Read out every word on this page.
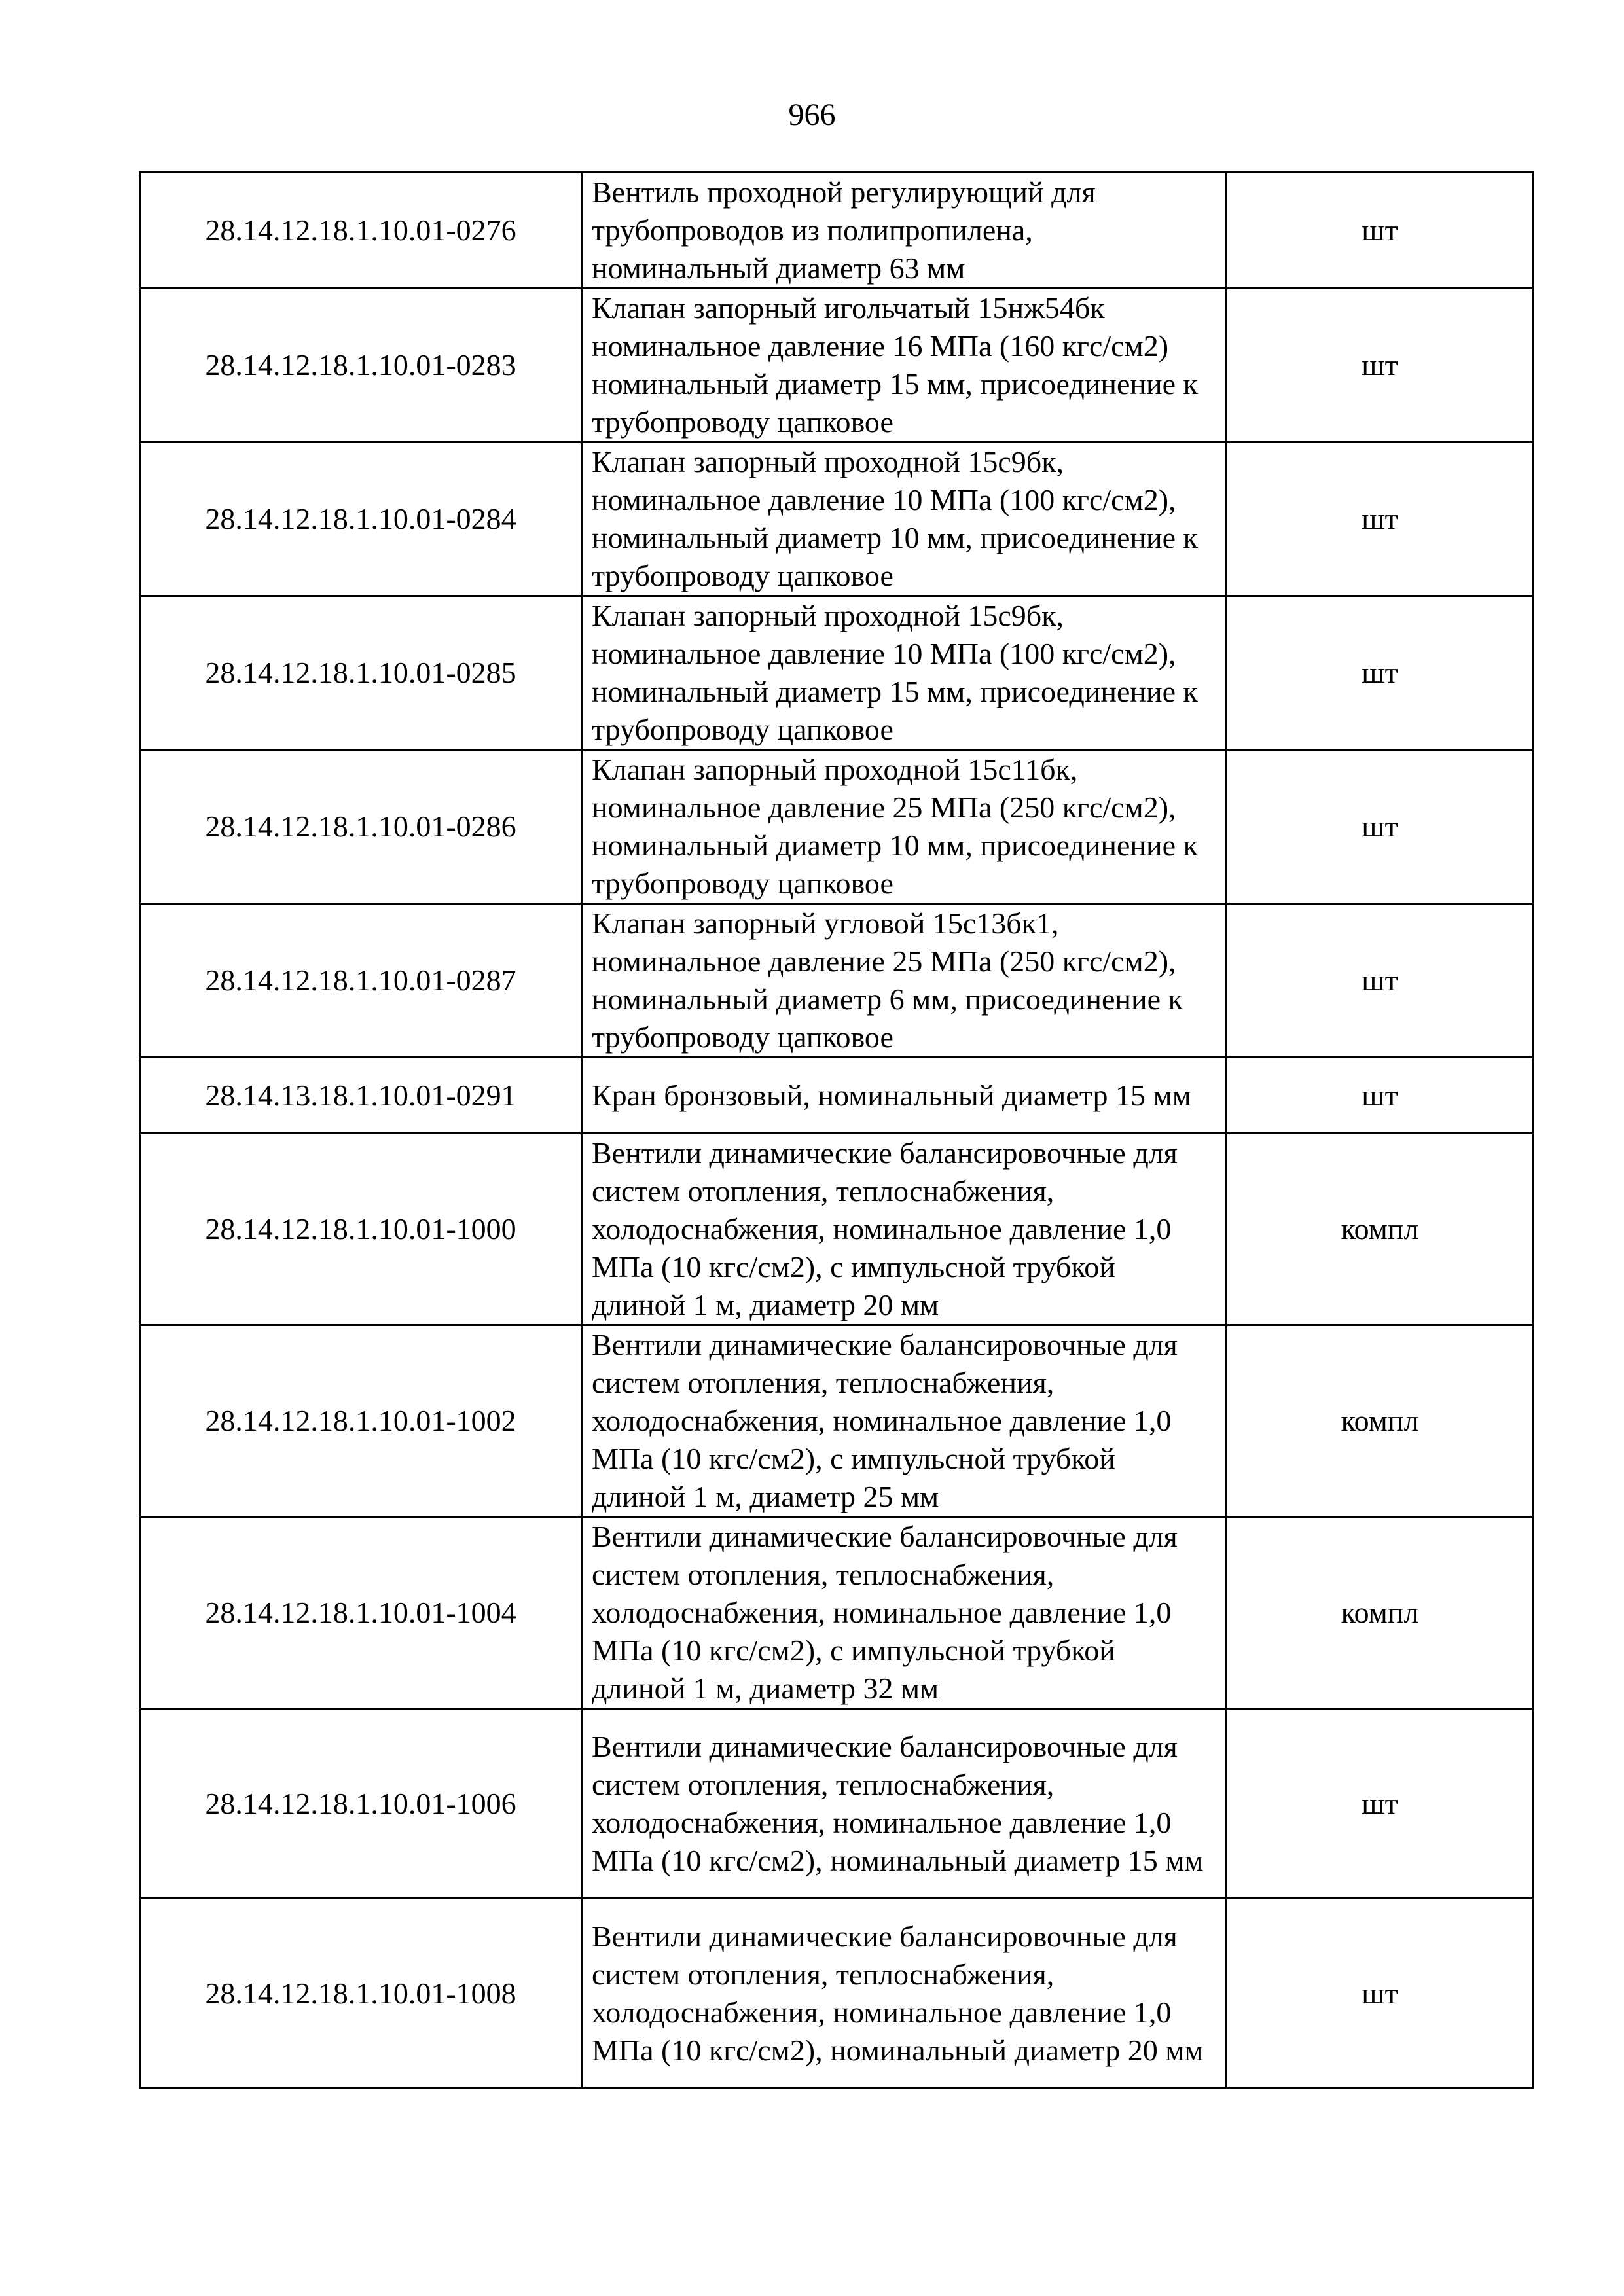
966
28.14.12.18.1.10.01-0276	Вентиль проходной регулирующий для трубопроводов из полипропилена, номинальный диаметр 63 мм	шт
28.14.12.18.1.10.01-0283	Клапан запорный игольчатый 15нж54бк номинальное давление 16 МПа (160 кгс/см2) номинальный диаметр 15 мм, присоединение к трубопроводу цапковое	шт
28.14.12.18.1.10.01-0284	Клапан запорный проходной 15с9бк, номинальное давление 10 МПа (100 кгс/см2), номинальный диаметр 10 мм, присоединение к трубопроводу цапковое	шт
28.14.12.18.1.10.01-0285	Клапан запорный проходной 15с9бк, номинальное давление 10 МПа (100 кгс/см2), номинальный диаметр 15 мм, присоединение к трубопроводу цапковое	шт
28.14.12.18.1.10.01-0286	Клапан запорный проходной 15с11бк, номинальное давление 25 МПа (250 кгс/см2), номинальный диаметр 10 мм, присоединение к трубопроводу цапковое	шт
28.14.12.18.1.10.01-0287	Клапан запорный угловой 15с13бк1, номинальное давление 25 МПа (250 кгс/см2), номинальный диаметр 6 мм, присоединение к трубопроводу цапковое	шт
28.14.13.18.1.10.01-0291	Кран бронзовый, номинальный диаметр 15 мм	шт
28.14.12.18.1.10.01-1000	Вентили динамические балансировочные для систем отопления, теплоснабжения, холодоснабжения, номинальное давление 1,0 МПа (10 кгс/см2), с импульсной трубкой длиной 1 м, диаметр 20 мм	компл
28.14.12.18.1.10.01-1002	Вентили динамические балансировочные для систем отопления, теплоснабжения, холодоснабжения, номинальное давление 1,0 МПа (10 кгс/см2), с импульсной трубкой длиной 1 м, диаметр 25 мм	компл
28.14.12.18.1.10.01-1004	Вентили динамические балансировочные для систем отопления, теплоснабжения, холодоснабжения, номинальное давление 1,0 МПа (10 кгс/см2), с импульсной трубкой длиной 1 м, диаметр 32 мм	компл
28.14.12.18.1.10.01-1006	Вентили динамические балансировочные для систем отопления, теплоснабжения, холодоснабжения, номинальное давление 1,0 МПа (10 кгс/см2), номинальный диаметр 15 мм	шт
28.14.12.18.1.10.01-1008	Вентили динамические балансировочные для систем отопления, теплоснабжения, холодоснабжения, номинальное давление 1,0 МПа (10 кгс/см2), номинальный диаметр 20 мм	шт
